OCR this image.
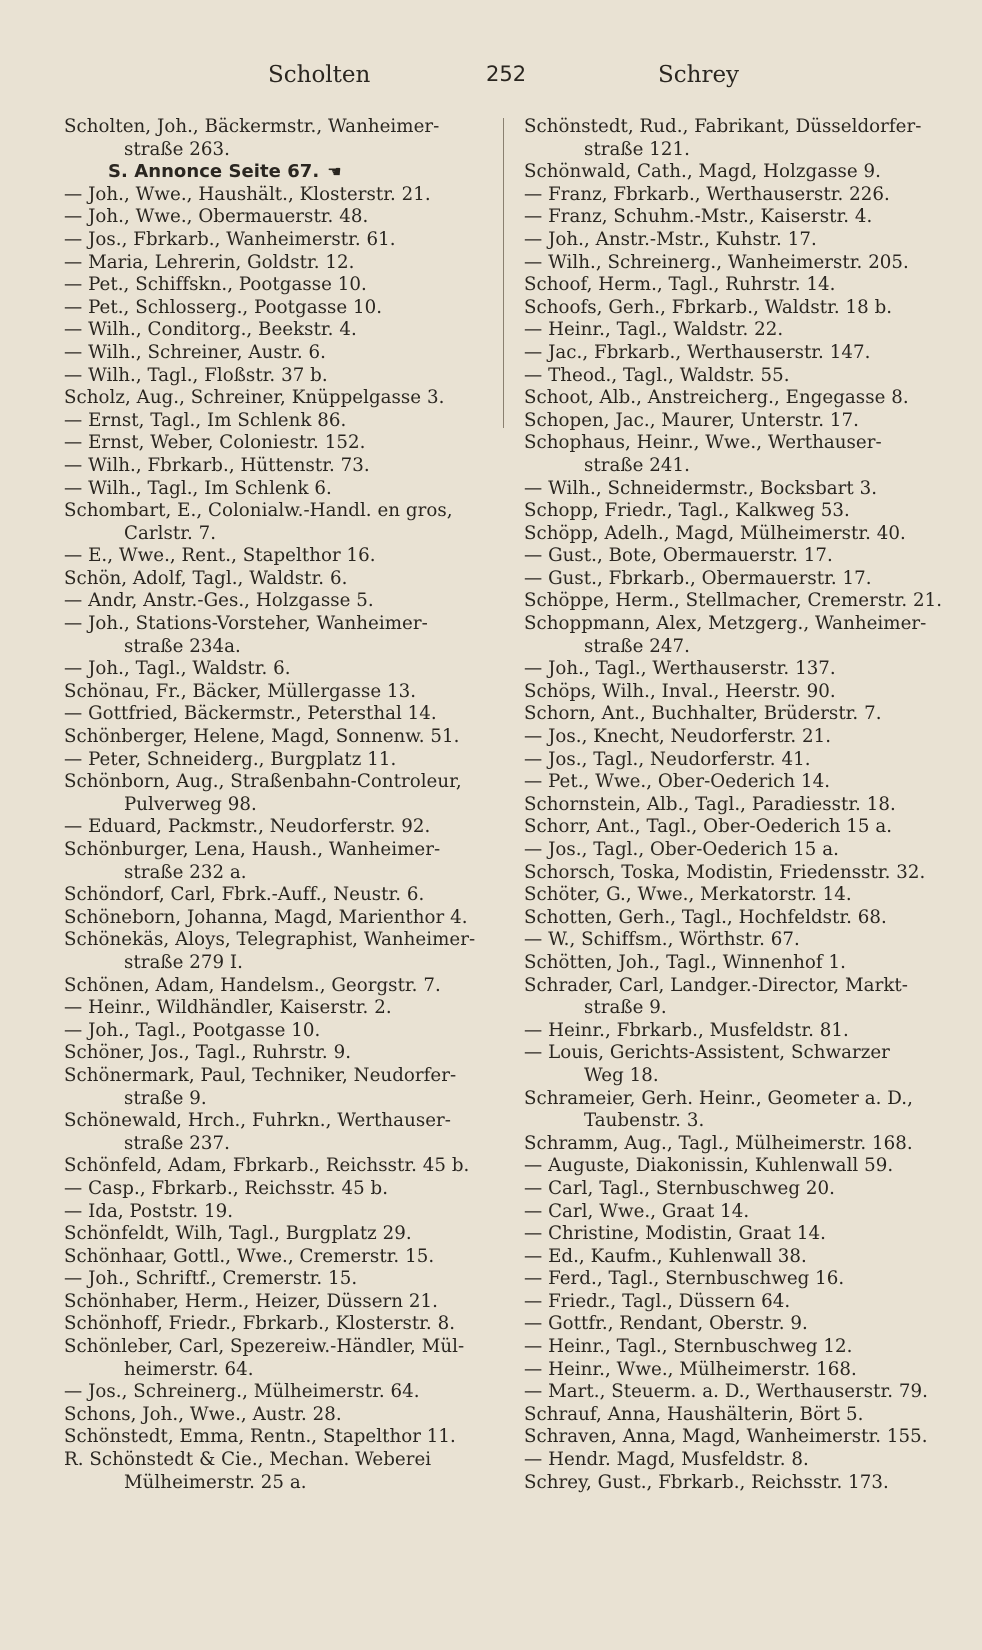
Scholten	252	Schrey
Scholten, Joh., Bäckermstr., Wanheimer-
straße 263.
S. Annonce Seite 67. ☚
— Joh., Wwe., Haushält., Klosterstr. 21.
— Joh., Wwe., Obermauerstr. 48.
— Jos., Fbrkarb., Wanheimerstr. 61.
— Maria, Lehrerin, Goldstr. 12.
— Pet., Schiffskn., Pootgasse 10.
— Pet., Schlosserg., Pootgasse 10.
— Wilh., Conditorg., Beekstr. 4.
— Wilh., Schreiner, Austr. 6.
— Wilh., Tagl., Floßstr. 37 b.
Scholz, Aug., Schreiner, Knüppelgasse 3.
— Ernst, Tagl., Im Schlenk 86.
— Ernst, Weber, Coloniestr. 152.
— Wilh., Fbrkarb., Hüttenstr. 73.
— Wilh., Tagl., Im Schlenk 6.
Schombart, E., Colonialw.-Handl. en gros,
Carlstr. 7.
— E., Wwe., Rent., Stapelthor 16.
Schön, Adolf, Tagl., Waldstr. 6.
— Andr, Anstr.-Ges., Holzgasse 5.
— Joh., Stations-Vorsteher, Wanheimer-
straße 234a.
— Joh., Tagl., Waldstr. 6.
Schönau, Fr., Bäcker, Müllergasse 13.
— Gottfried, Bäckermstr., Petersthal 14.
Schönberger, Helene, Magd, Sonnenw. 51.
— Peter, Schneiderg., Burgplatz 11.
Schönborn, Aug., Straßenbahn-Controleur,
Pulverweg 98.
— Eduard, Packmstr., Neudorferstr. 92.
Schönburger, Lena, Haush., Wanheimer-
straße 232 a.
Schöndorf, Carl, Fbrk.-Auff., Neustr. 6.
Schöneborn, Johanna, Magd, Marienthor 4.
Schönekäs, Aloys, Telegraphist, Wanheimer-
straße 279 I.
Schönen, Adam, Handelsm., Georgstr. 7.
— Heinr., Wildhändler, Kaiserstr. 2.
— Joh., Tagl., Pootgasse 10.
Schöner, Jos., Tagl., Ruhrstr. 9.
Schönermark, Paul, Techniker, Neudorfer-
straße 9.
Schönewald, Hrch., Fuhrkn., Werthauser-
straße 237.
Schönfeld, Adam, Fbrkarb., Reichsstr. 45 b.
— Casp., Fbrkarb., Reichsstr. 45 b.
— Ida, Poststr. 19.
Schönfeldt, Wilh, Tagl., Burgplatz 29.
Schönhaar, Gottl., Wwe., Cremerstr. 15.
— Joh., Schriftf., Cremerstr. 15.
Schönhaber, Herm., Heizer, Düssern 21.
Schönhoff, Friedr., Fbrkarb., Klosterstr. 8.
Schönleber, Carl, Spezereiw.-Händler, Mül-
heimerstr. 64.
— Jos., Schreinerg., Mülheimerstr. 64.
Schons, Joh., Wwe., Austr. 28.
Schönstedt, Emma, Rentn., Stapelthor 11.
R. Schönstedt & Cie., Mechan. Weberei
Mülheimerstr. 25 a.
Schönstedt, Rud., Fabrikant, Düsseldorfer-
straße 121.
Schönwald, Cath., Magd, Holzgasse 9.
— Franz, Fbrkarb., Werthauserstr. 226.
— Franz, Schuhm.-Mstr., Kaiserstr. 4.
— Joh., Anstr.-Mstr., Kuhstr. 17.
— Wilh., Schreinerg., Wanheimerstr. 205.
Schoof, Herm., Tagl., Ruhrstr. 14.
Schoofs, Gerh., Fbrkarb., Waldstr. 18 b.
— Heinr., Tagl., Waldstr. 22.
— Jac., Fbrkarb., Werthauserstr. 147.
— Theod., Tagl., Waldstr. 55.
Schoot, Alb., Anstreicherg., Engegasse 8.
Schopen, Jac., Maurer, Unterstr. 17.
Schophaus, Heinr., Wwe., Werthauser-
straße 241.
— Wilh., Schneidermstr., Bocksbart 3.
Schopp, Friedr., Tagl., Kalkweg 53.
Schöpp, Adelh., Magd, Mülheimerstr. 40.
— Gust., Bote, Obermauerstr. 17.
— Gust., Fbrkarb., Obermauerstr. 17.
Schöppe, Herm., Stellmacher, Cremerstr. 21.
Schoppmann, Alex, Metzgerg., Wanheimer-
straße 247.
— Joh., Tagl., Werthauserstr. 137.
Schöps, Wilh., Inval., Heerstr. 90.
Schorn, Ant., Buchhalter, Brüderstr. 7.
— Jos., Knecht, Neudorferstr. 21.
— Jos., Tagl., Neudorferstr. 41.
— Pet., Wwe., Ober-Oederich 14.
Schornstein, Alb., Tagl., Paradiesstr. 18.
Schorr, Ant., Tagl., Ober-Oederich 15 a.
— Jos., Tagl., Ober-Oederich 15 a.
Schorsch, Toska, Modistin, Friedensstr. 32.
Schöter, G., Wwe., Merkatorstr. 14.
Schotten, Gerh., Tagl., Hochfeldstr. 68.
— W., Schiffsm., Wörthstr. 67.
Schötten, Joh., Tagl., Winnenhof 1.
Schrader, Carl, Landger.-Director, Markt-
straße 9.
— Heinr., Fbrkarb., Musfeldstr. 81.
— Louis, Gerichts-Assistent, Schwarzer
Weg 18.
Schrameier, Gerh. Heinr., Geometer a. D.,
Taubenstr. 3.
Schramm, Aug., Tagl., Mülheimerstr. 168.
— Auguste, Diakonissin, Kuhlenwall 59.
— Carl, Tagl., Sternbuschweg 20.
— Carl, Wwe., Graat 14.
— Christine, Modistin, Graat 14.
— Ed., Kaufm., Kuhlenwall 38.
— Ferd., Tagl., Sternbuschweg 16.
— Friedr., Tagl., Düssern 64.
— Gottfr., Rendant, Oberstr. 9.
— Heinr., Tagl., Sternbuschweg 12.
— Heinr., Wwe., Mülheimerstr. 168.
— Mart., Steuerm. a. D., Werthauserstr. 79.
Schrauf, Anna, Haushälterin, Bört 5.
Schraven, Anna, Magd, Wanheimerstr. 155.
— Hendr. Magd, Musfeldstr. 8.
Schrey, Gust., Fbrkarb., Reichsstr. 173.
